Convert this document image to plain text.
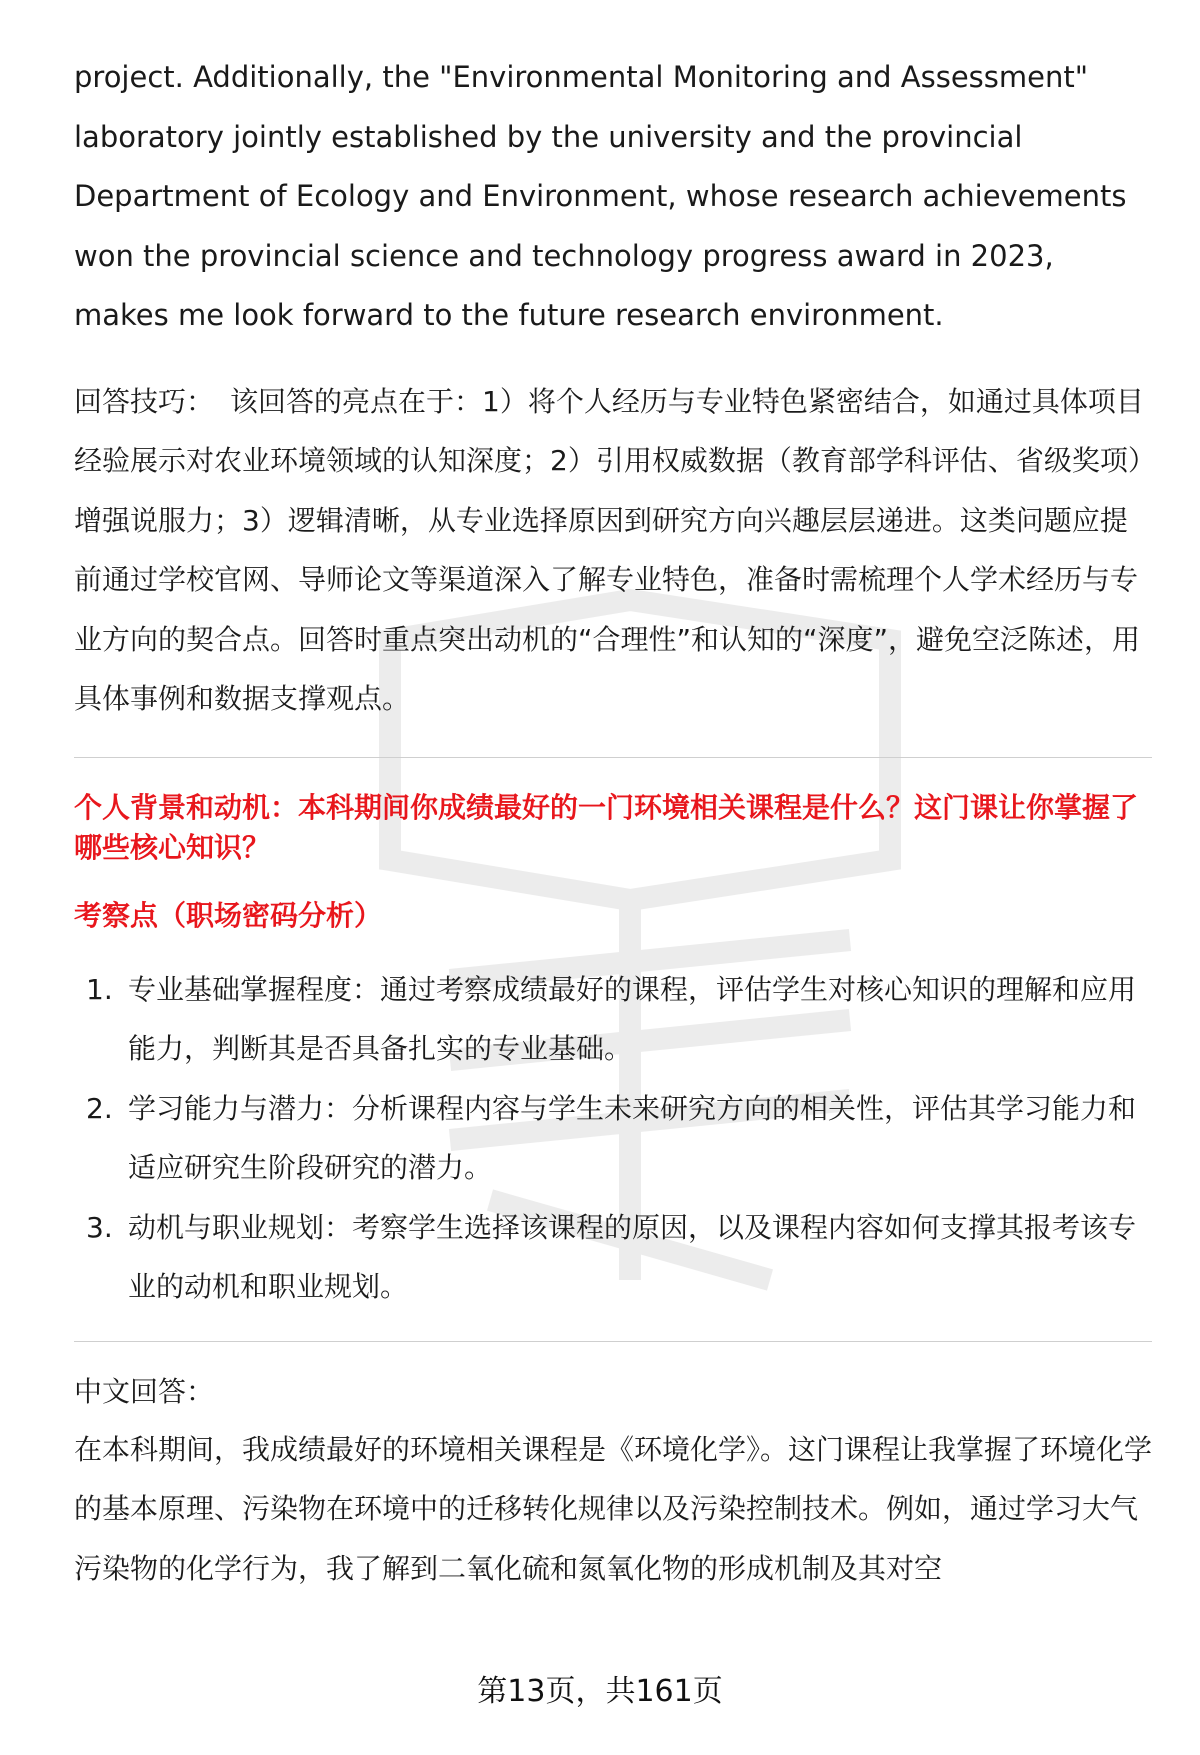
project. Additionally, the "Environmental Monitoring and Assessment" laboratory jointly established by the university and the provincial Department of Ecology and Environment, whose research achievements won the provincial science and technology progress award in 2023, makes me look forward to the future research environment.

回答技巧： 该回答的亮点在于：1）将个人经历与专业特色紧密结合，如通过具体项目经验展示对农业环境领域的认知深度；2）引用权威数据（教育部学科评估、省级奖项）增强说服力；3）逻辑清晰，从专业选择原因到研究方向兴趣层层递进。这类问题应提前通过学校官网、导师论文等渠道深入了解专业特色，准备时需梳理个人学术经历与专业方向的契合点。回答时重点突出动机的“合理性”和认知的“深度”，避免空泛陈述，用具体事例和数据支撑观点。

个人背景和动机：本科期间你成绩最好的一门环境相关课程是什么？这门课让你掌握了哪些核心知识？

考察点（职场密码分析）

1. 专业基础掌握程度：通过考察成绩最好的课程，评估学生对核心知识的理解和应用能力，判断其是否具备扎实的专业基础。
2. 学习能力与潜力：分析课程内容与学生未来研究方向的相关性，评估其学习能力和适应研究生阶段研究的潜力。
3. 动机与职业规划：考察学生选择该课程的原因，以及课程内容如何支撑其报考该专业的动机和职业规划。

中文回答：

在本科期间，我成绩最好的环境相关课程是《环境化学》。这门课程让我掌握了环境化学的基本原理、污染物在环境中的迁移转化规律以及污染控制技术。例如，通过学习大气污染物的化学行为，我了解到二氧化硫和氮氧化物的形成机制及其对空

第13页，共161页
